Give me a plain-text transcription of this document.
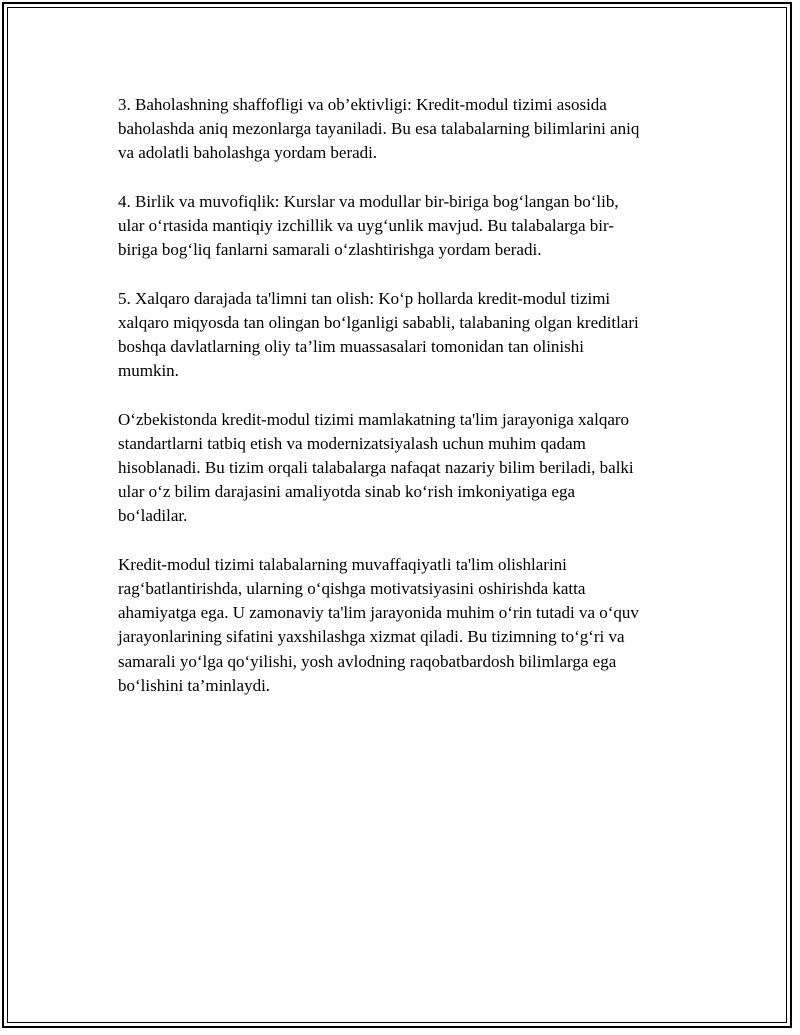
3. Baholashning shaffofligi va ob’ektivligi: Kredit-modul tizimi asosida
baholashda aniq mezonlarga tayaniladi. Bu esa talabalarning bilimlarini aniq
va adolatli baholashga yordam beradi.

4. Birlik va muvofiqlik: Kurslar va modullar bir-biriga bog‘langan bo‘lib,
ular o‘rtasida mantiqiy izchillik va uyg‘unlik mavjud. Bu talabalarga bir-
biriga bog‘liq fanlarni samarali o‘zlashtirishga yordam beradi.

5. Xalqaro darajada ta'limni tan olish: Ko‘p hollarda kredit-modul tizimi
xalqaro miqyosda tan olingan bo‘lganligi sababli, talabaning olgan kreditlari
boshqa davlatlarning oliy ta’lim muassasalari tomonidan tan olinishi
mumkin.

O‘zbekistonda kredit-modul tizimi mamlakatning ta'lim jarayoniga xalqaro
standartlarni tatbiq etish va modernizatsiyalash uchun muhim qadam
hisoblanadi. Bu tizim orqali talabalarga nafaqat nazariy bilim beriladi, balki
ular o‘z bilim darajasini amaliyotda sinab ko‘rish imkoniyatiga ega
bo‘ladilar.

Kredit-modul tizimi talabalarning muvaffaqiyatli ta'lim olishlarini
rag‘batlantirishda, ularning o‘qishga motivatsiyasini oshirishda katta
ahamiyatga ega. U zamonaviy ta'lim jarayonida muhim o‘rin tutadi va o‘quv
jarayonlarining sifatini yaxshilashga xizmat qiladi. Bu tizimning to‘g‘ri va
samarali yo‘lga qo‘yilishi, yosh avlodning raqobatbardosh bilimlarga ega
bo‘lishini ta’minlaydi.
